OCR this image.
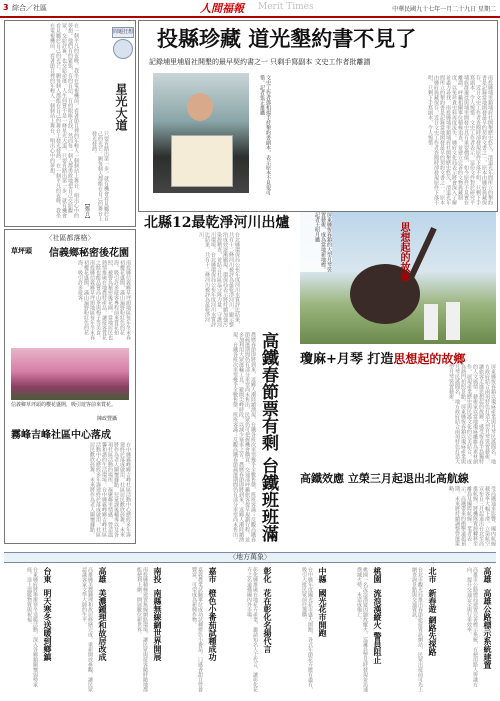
3 綜合／社區	人間福報 Merit Times	中華民國九十七年一月二十九日 星期二
在一個平凡的夜晚，我坐在電視機前，看著節目裡的年輕人一個個站上舞台，唱出心中的夢想。他們有的緊張，有的自信，有的眼眶含淚，然而每一個人都勇敢地把自己交給觀眾，交給評審，也交給命運。人生何嘗不是一條星光大道，只要肯踏出第一步，就有機會看見屬於自己的光芒。願每個人都能在自己的舞台上發光發熱。在一個平凡的夜晚，我坐在電視機前，看著節目裡的年輕人一個個站上舞台，唱出心中的夢想。	問題狂想
星光大道
只要肯踏出第一步，就有機會看見屬於自己的光芒。願每個人都能在自己的舞台上發光發熱。
【鄭百】
投縣珍藏 道光墾約書不見了
記錄埔里埔眉社開墾的最早契約書之一 只剩手寫副本 文史工作者批離譜
文史工作者鄧相揚手持墾約書副本，表示原本不見很可惜。記者張正雄攝	南投縣埔里鎮埔眉社開墾歷史悠久，清道光年間所立的墾約書是記錄當地開發最早的契約文書之一，原本由縣府典藏保存，近日文史工作者查閱時卻發現原件下落不明，只剩下手寫副本，令人惋惜。文史工作者表示，這份文件對於研究平埔族群遷徙與埔里開發史具有重要價值，如今原件不見實在離譜，呼籲相關單位積極追查，並建立完善的文物典藏制度，以免珍貴史料再度流失。縣府文化局表示將會深入了解並盡力尋找。南投縣埔里鎮埔眉社開墾歷史悠久，清道光年間所立的墾約書是記錄當地開發最早的契約文書之一，原本由縣府典藏保存，近日文史工作者查閱時卻發現原件下落不明，只剩下手寫副本，令人惋惜。
〈社區都落格〉
草坪頭 信義鄉秘密後花園
南投縣信義鄉草坪頭地區每年冬末春初櫻花盛開，滿山遍野粉紅色的花海，吸引許多遊客專程前來賞花拍照，被譽為秘密後花園。當地居民也熱情推廣在地農特產品，讓遊客賞花之餘也能品嘗高山茶與梅子等美食。南投縣信義鄉草坪頭地區每年冬末春初櫻花盛開，滿山遍野粉紅色的花海，吸引許多遊客。
信義鄉草坪頭的櫻花盛開，吸引遊客前來賞花。
陳政豐攝
霧峰吉峰社區中心落成
台中縣霧峰鄉吉峰社區活動中心歷經多年籌建終於落成啟用，社區居民歡欣鼓舞，未來將作為老人關懷據點、兒童課後輔導以及各項社區活動的場所，凝聚鄰里情感，營造溫馨和諧的生活環境。台中縣霧峰鄉吉峰社區活動中心歷經多年籌建終於落成啟用，社區居民歡欣鼓舞，未來將作為老人關懷據點。
北縣12最乾淨河川出爐
台北縣環保局公布年度河川水質評比結果，共有十二條河川被評為最乾淨河川，顯示整治成效逐漸顯現。環保局表示將持續加強污染源稽查，並結合社區巡守隊力量，守護河川環境。台北縣環保局公布年度河川水質評比結果，共有十二條河川被評為最乾淨河川。
農曆春節即將到來，返鄉人潮陸續湧現，台鐵各班次車票幾乎全數售罄，班班客滿；反觀高鐵春節疏運期間仍有部分車票尚未售出，民眾仍可把握機會購買。交通部呼籲旅客提早規劃行程，並多加利用大眾運輸工具，避開尖峰時段，以減少塞車之苦。農曆春節即將到來，返鄉人潮陸續湧現，台鐵各班次車票幾乎全數售罄，班班客滿；反觀高鐵春節疏運期間仍有部分車票尚未售出。	高鐵春節票有剩 台鐵班班滿
思想起的故鄉
屏東縣恆春鎮的大型月琴裝置藝術，成為當地新地標。記者王昭月攝
瓊麻+月琴 打造思想起的故鄉
屏東縣恆春鎮以瓊麻產業與月琴民謠聞名，地方政府結合兩項特色打造大型月琴裝置藝術，讓旅客走進思想起的故鄉，感受恆春半島獨特的人文風情。藝術家以當地瓊麻纖維為素材創作，展現產業歷史與民謠文化的完美結合，成為熱門拍照景點。屏東縣恆春鎮以瓊麻產業與月琴民謠聞名，地方政府結合兩項特色打造大型月琴裝置藝術。
高鐵效應 立榮三月起退出北高航線
受高鐵通車影響，國內航線載客率大幅下滑，立榮航空宣布自三月起退出台北至高雄航線，將機隊資源轉移至離島及國際航線。業者表示，高鐵帶來的衝擊遠超預期，未來將持續調整營運策略。
〈地方萬象〉
高雄
高雄公路標示系統建置
高雄市公路總局建置完善標示系統，方便用路人辨識方向，提升交通安全與行車效率。
北市
新春遊 網路先探路
台北市觀光局推出春節旅遊資訊網站，民眾出遊前可先上網查詢景點與交通資訊。
桃園
流浪漢縱火 警員阻止
桃園一名流浪漢疑因細故縱火，巡邏員警及時發現並迅速撲滅火勢，未造成傷亡。
中縣
國光花市開跑
台中縣年度國光花市盛大開跑，各式年節花卉應有盡有，吸引大批民眾前往選購。
彰化
花在彰化名揚代言
彰化縣推廣在地花卉產業，邀請知名人士代言，讓彰化花卉之名遠播國內外市場。
嘉市
橙色小番茄試種成功
嘉義農業試驗單位成功試種橙色小番茄，口感香甜且營養豐富，可望成為新興作物。
南投
南縣無線網世界開展
南投縣積極建置無線網路環境，讓民眾與遊客隨時隨地都能便利上網，開展數位新世界。
高雄
美濃鍾理和故居改成
高雄縣美濃鍾理和故居修繕完成，重新開放參觀，讓民眾認識客家文學大師的生平。
台東
明天寒冬送暖到鄉鎮
台東縣府將舉辦寒冬送暖活動，深入各鄉鎮關懷弱勢家庭，送上溫暖物資與祝福。
